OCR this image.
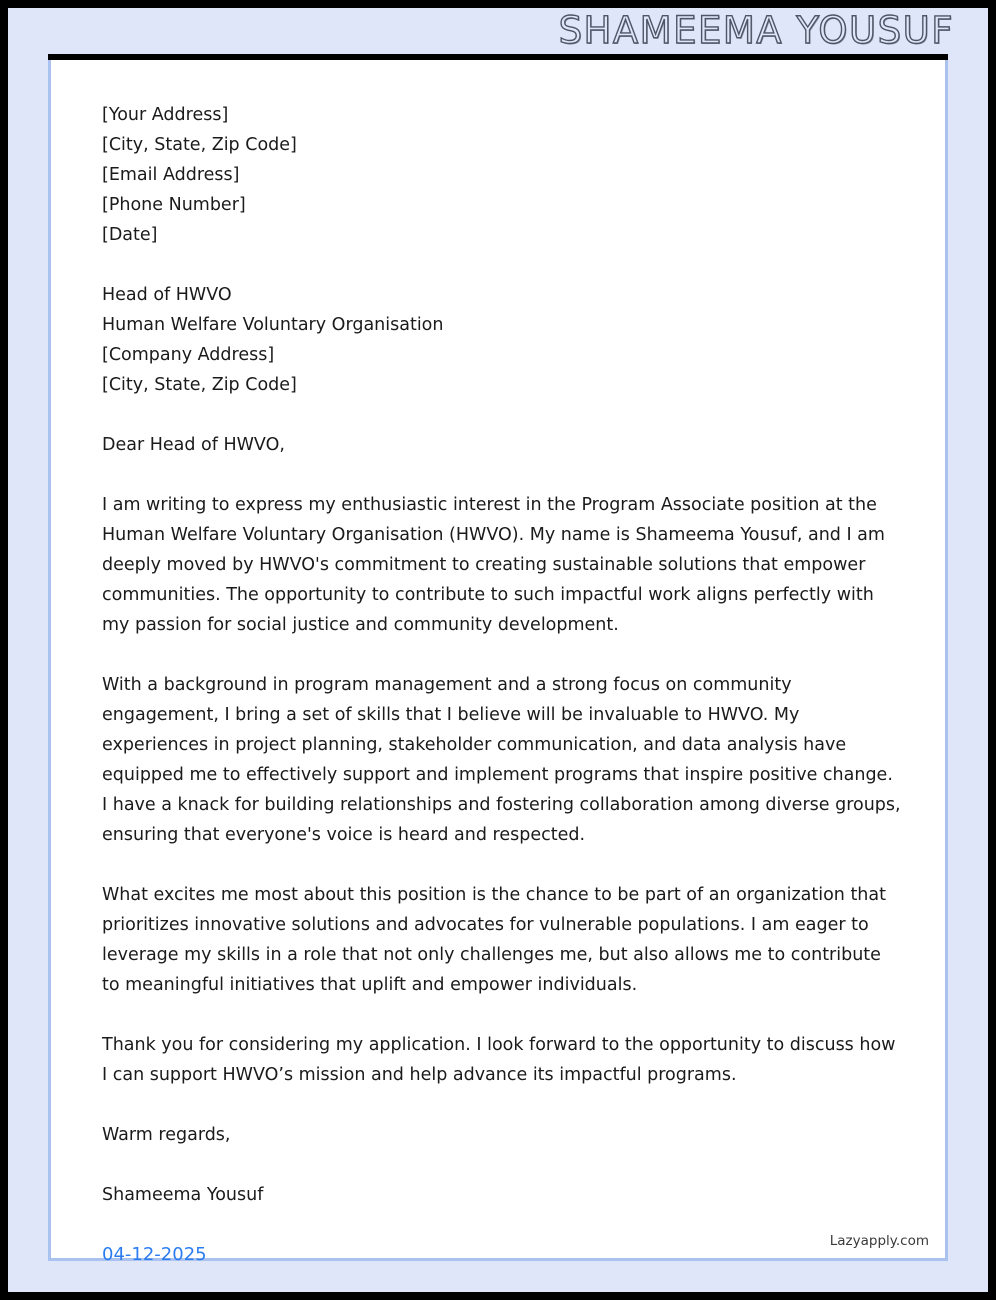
SHAMEEMA YOUSUF
[Your Address]
[City, State, Zip Code]
[Email Address]
[Phone Number]
[Date]
Head of HWVO
Human Welfare Voluntary Organisation
[Company Address]
[City, State, Zip Code]

Dear Head of HWVO,

I am writing to express my enthusiastic interest in the Program Associate position at the Human Welfare Voluntary Organisation (HWVO). My name is Shameema Yousuf, and I am deeply moved by HWVO's commitment to creating sustainable solutions that empower communities. The opportunity to contribute to such impactful work aligns perfectly with my passion for social justice and community development.

With a background in program management and a strong focus on community engagement, I bring a set of skills that I believe will be invaluable to HWVO. My experiences in project planning, stakeholder communication, and data analysis have equipped me to effectively support and implement programs that inspire positive change. I have a knack for building relationships and fostering collaboration among diverse groups, ensuring that everyone's voice is heard and respected.

What excites me most about this position is the chance to be part of an organization that prioritizes innovative solutions and advocates for vulnerable populations. I am eager to leverage my skills in a role that not only challenges me, but also allows me to contribute to meaningful initiatives that uplift and empower individuals.

Thank you for considering my application. I look forward to the opportunity to discuss how I can support HWVO’s mission and help advance its impactful programs.

Warm regards,

Shameema Yousuf
04-12-2025
Lazyapply.com
